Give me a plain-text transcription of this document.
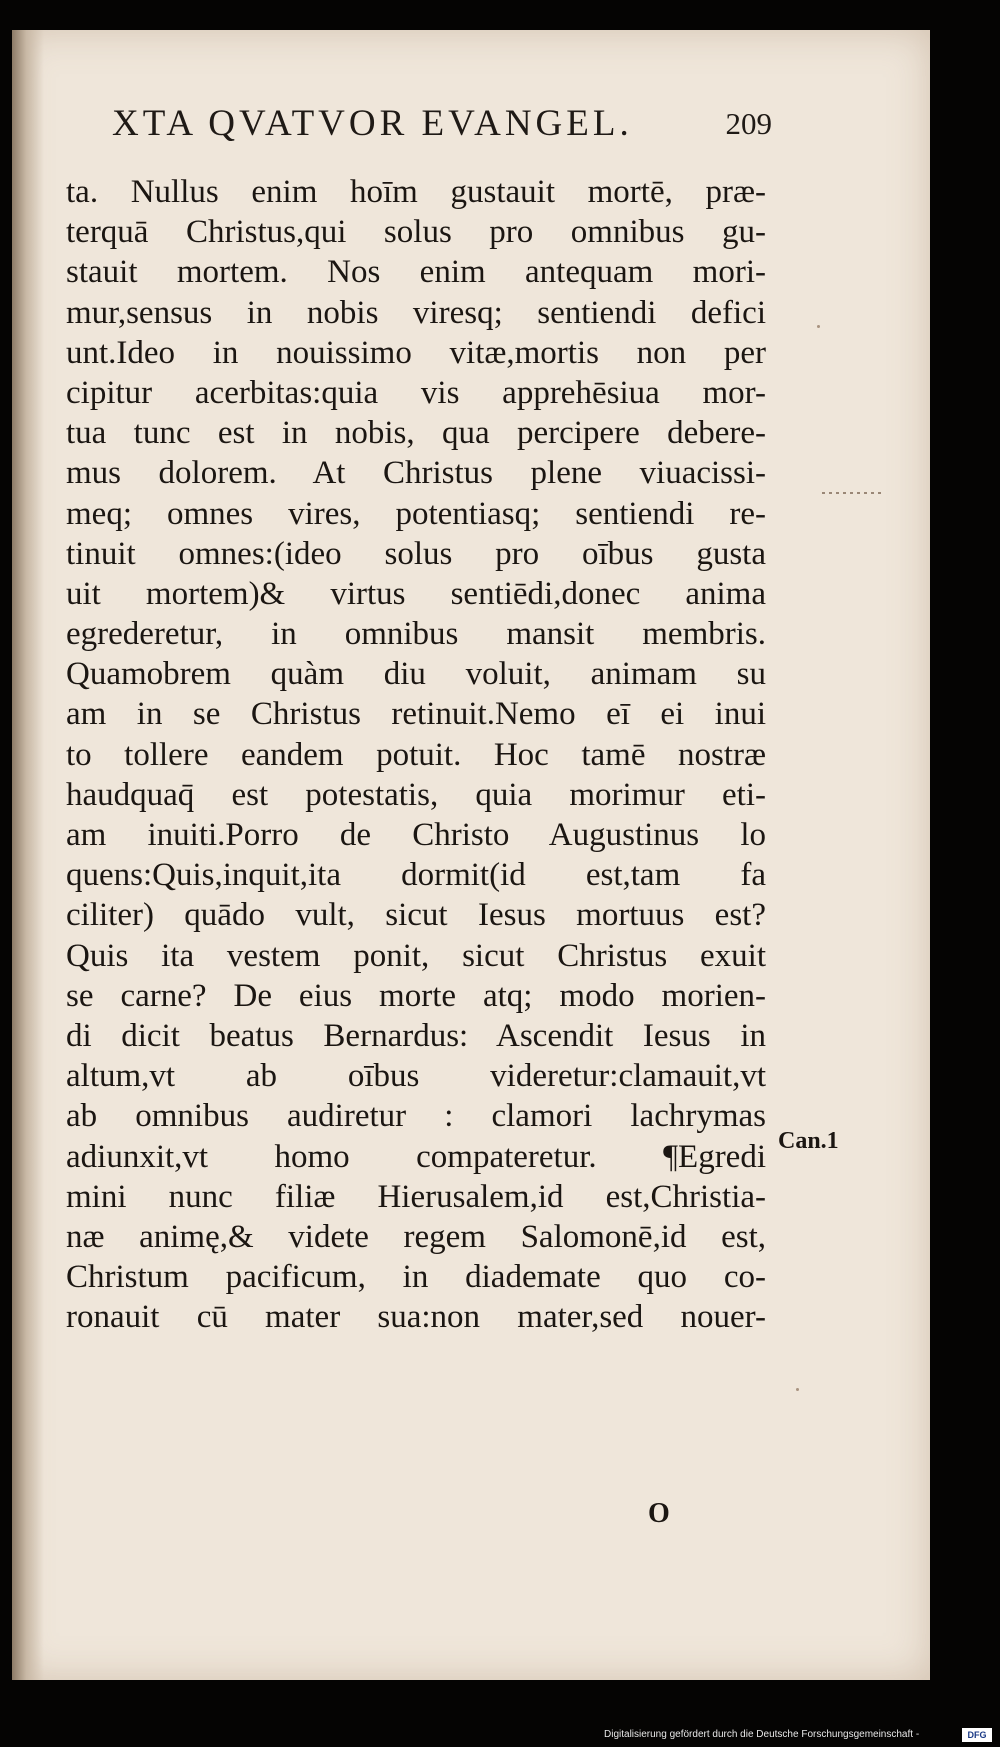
XTA QVATVOR EVANGEL.	209
ta. Nullus enim hoīm gustauit mortē, præ-
terquā Christus,qui solus pro omnibus gu-
stauit mortem. Nos enim antequam mori-
mur,sensus in nobis viresq; sentiendi defici
unt.Ideo in nouissimo vitæ,mortis non per
cipitur acerbitas:quia vis apprehēsiua mor-
tua tunc est in nobis, qua percipere debere-
mus dolorem. At Christus plene viuacissi-
meq; omnes vires, potentiasq; sentiendi re-
tinuit omnes:(ideo solus pro oībus gusta
uit mortem)& virtus sentiēdi,donec anima
egrederetur, in omnibus mansit membris.
Quamobrem quàm diu voluit, animam su
am in se Christus retinuit.Nemo eī ei inui
to tollere eandem potuit. Hoc tamē nostræ
haudquaq̄ est potestatis, quia morimur eti-
am inuiti.Porro de Christo Augustinus lo
quens:Quis,inquit,ita dormit(id est,tam fa
ciliter) quādo vult, sicut Iesus mortuus est?
Quis ita vestem ponit, sicut Christus exuit
se carne? De eius morte atq; modo morien-
di dicit beatus Bernardus: Ascendit Iesus in
altum,vt ab oībus videretur:clamauit,vt
ab omnibus audiretur : clamori lachrymas
adiunxit,vt homo compateretur. ¶Egredi
mini nunc filiæ Hierusalem,id est,Christia-
næ animę,& videte regem Salomonē,id est,
Christum pacificum, in diademate quo co-
ronauit cū mater sua:non mater,sed nouer-
Can.1
O
Digitalisierung gefördert durch die Deutsche Forschungsgemeinschaft -	DFG
